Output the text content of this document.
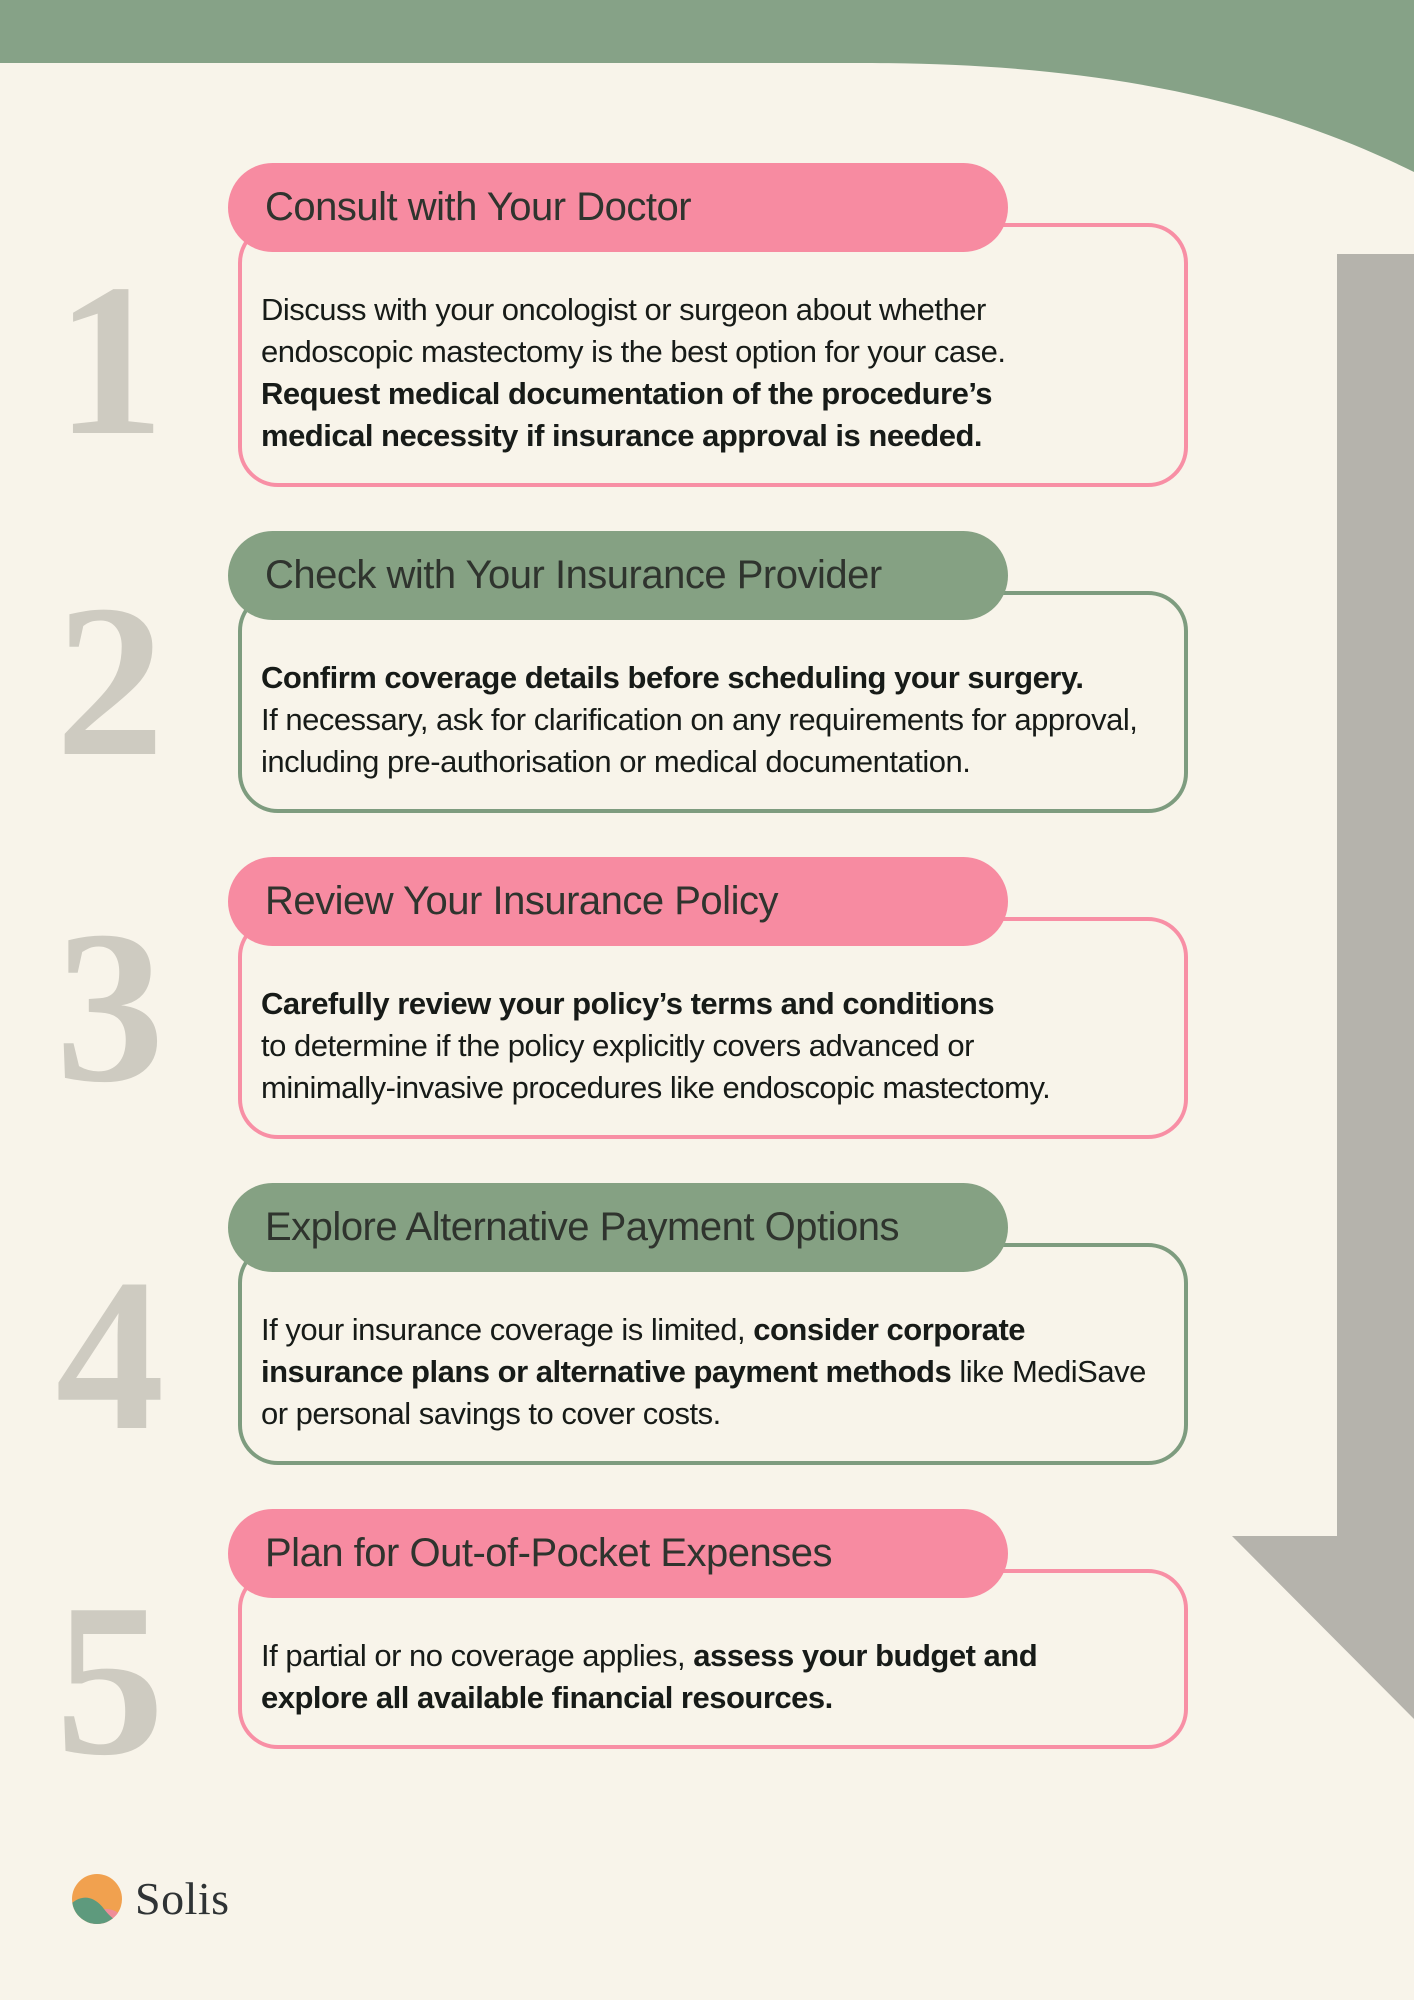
1
2
3
4
5
Consult with Your Doctor

Discuss with your oncologist or surgeon about whether
endoscopic mastectomy is the best option for your case.
Request medical documentation of the procedure’s
medical necessity if insurance approval is needed.

Check with Your Insurance Provider

Confirm coverage details before scheduling your surgery.
If necessary, ask for clarification on any requirements for approval,
including pre-authorisation or medical documentation.

Review Your Insurance Policy

Carefully review your policy’s terms and conditions
to determine if the policy explicitly covers advanced or
minimally-invasive procedures like endoscopic mastectomy.

Explore Alternative Payment Options

If your insurance coverage is limited, consider corporate
insurance plans or alternative payment methods like MediSave
or personal savings to cover costs.

Plan for Out-of-Pocket Expenses

If partial or no coverage applies, assess your budget and
explore all available financial resources.

Solis
